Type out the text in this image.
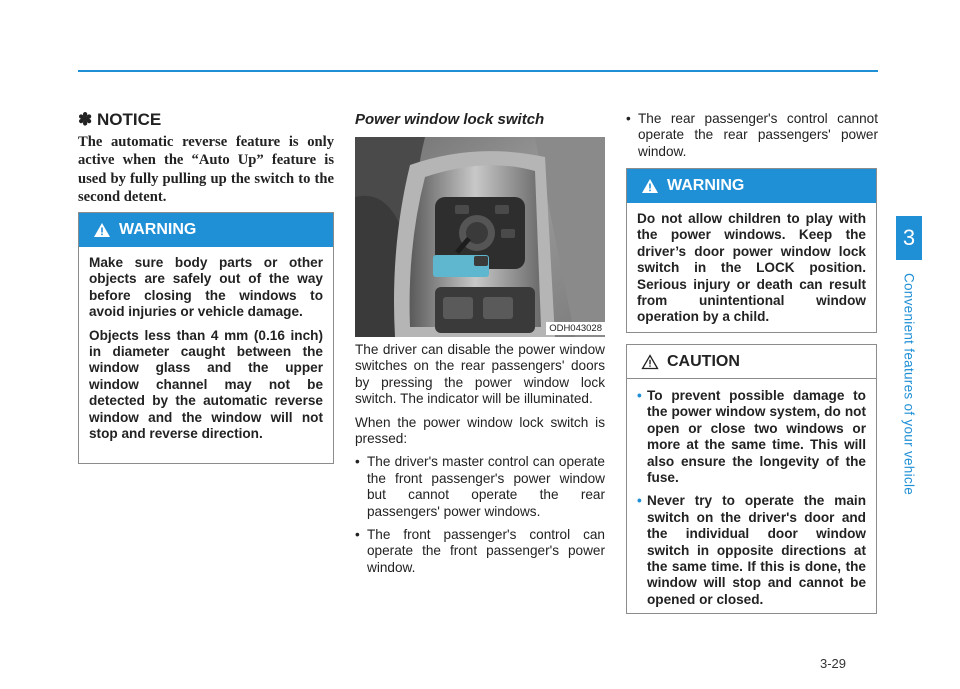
3
Convenient features of your vehicle
✽ NOTICE
The automatic reverse feature is only active when the “Auto Up” feature is used by fully pulling up the switch to the second detent.
WARNING

Make sure body parts or other objects are safely out of the way before closing the windows to avoid injuries or vehicle damage.

Objects less than 4 mm (0.16 inch) in diameter caught between the window glass and the upper window channel may not be detected by the automatic reverse window and the window will not stop and reverse direction.

Power window lock switch
ODH043028

The driver can disable the power window switches on the rear passengers' doors by pressing the power window lock switch. The indicator will be illuminated.

When the power window lock switch is pressed:

• The driver's master control can operate the front passenger's power window but cannot operate the rear passengers' power windows.
• The front passenger's control can operate the front passenger's power window.
• The rear passenger's control cannot operate the rear passengers' power window.
WARNING

Do not allow children to play with the power windows. Keep the driver’s door power window lock switch in the LOCK position. Serious injury or death can result from unintentional window operation by a child.

CAUTION
• To prevent possible damage to the power window system, do not open or close two windows or more at the same time. This will also ensure the longevity of the fuse.
• Never try to operate the main switch on the driver's door and the individual door window switch in opposite directions at the same time. If this is done, the window will stop and cannot be opened or closed.
3-29
